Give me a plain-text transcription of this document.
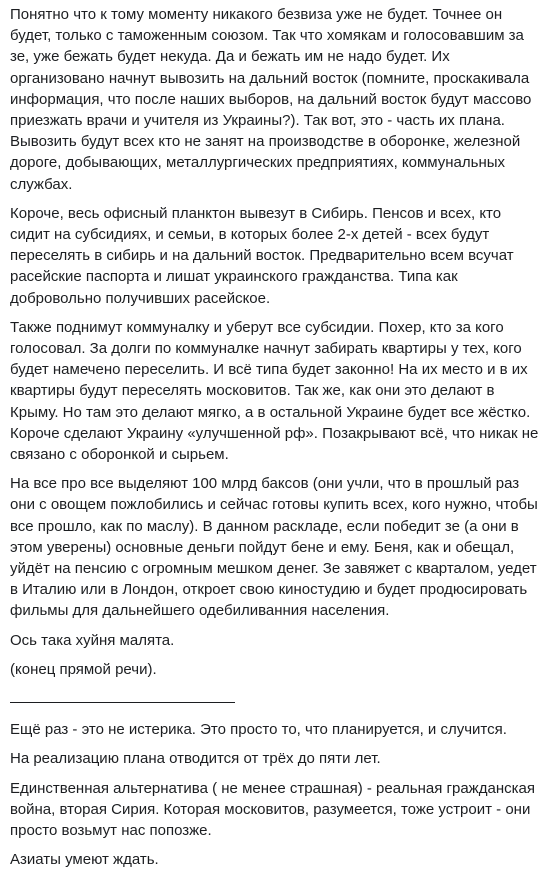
Понятно что к тому моменту никакого безвиза уже не будет. Точнее он будет, только с таможенным союзом. Так что хомякам и голосовавшим за зе, уже бежать будет некуда. Да и бежать им не надо будет. Их организовано начнут вывозить на дальний восток (помните, проскакивала информация, что после наших выборов, на дальний восток будут массово приезжать врачи и учителя из Украины?). Так вот, это - часть их плана. Вывозить будут всех кто не занят на производстве в оборонке, железной дороге, добывающих, металлургических предприятиях, коммунальных службах.

Короче, весь офисный планктон вывезут в Сибирь. Пенсов и всех, кто сидит на субсидиях, и семьи, в которых более 2-х детей - всех будут переселять в сибирь и на дальний восток. Предварительно всем всучат расейские паспорта и лишат украинского гражданства. Типа как добровольно получивших расейское.

Также поднимут коммуналку и уберут все субсидии. Похер, кто за кого голосовал. За долги по коммуналке начнут забирать квартиры у тех, кого будет намечено переселить. И всё типа будет законно! На их место и в их квартиры будут переселять московитов. Так же, как они это делают в Крыму. Но там это делают мягко, а в остальной Украине будет все жёстко. Короче сделают Украину «улучшенной рф». Позакрывают всё, что никак не связано с оборонкой и сырьем.

На все про все выделяют 100 млрд баксов (они учли, что в прошлый раз они с овощем пожлобились и сейчас готовы купить всех, кого нужно, чтобы все прошло, как по маслу). В данном раскладе, если победит зе (а они в этом уверены) основные деньги пойдут бене и ему. Беня, как и обещал, уйдёт на пенсию с огромным мешком денег. Зе завяжет с кварталом, уедет в Италию или в Лондон, откроет свою киностудию и будет продюсировать фильмы для дальнейшего одебиливанния населения.

Ось така хуйня малята.

(конец прямой речи).

Ещё раз - это не истерика. Это просто то, что планируется, и случится.

На реализацию плана отводится от трёх до пяти лет.

Единственная альтернатива ( не менее страшная) - реальная гражданская война, вторая Сирия. Которая московитов, разумеется, тоже устроит - они просто возьмут нас попозже.

Азиаты умеют ждать.
